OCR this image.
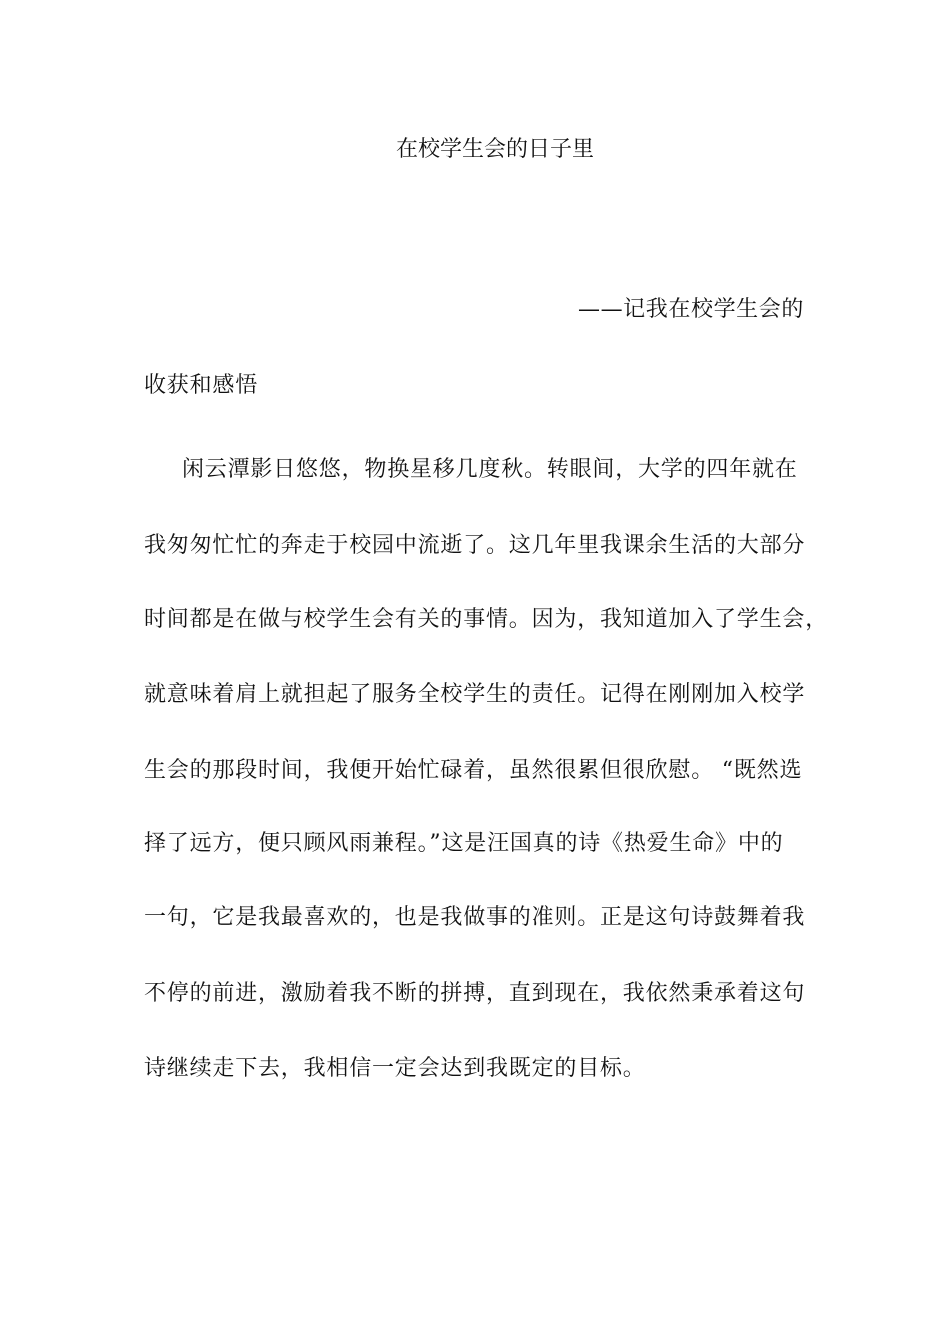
在校学生会的日子里
——记我在校学生会的
收获和感悟
闲云潭影日悠悠，物换星移几度秋。转眼间，大学的四年就在
我匆匆忙忙的奔走于校园中流逝了。这几年里我课余生活的大部分
时间都是在做与校学生会有关的事情。因为，我知道加入了学生会，
就意味着肩上就担起了服务全校学生的责任。记得在刚刚加入校学
生会的那段时间，我便开始忙碌着，虽然很累但很欣慰。 “既然选
择了远方，便只顾风雨兼程。”这是汪国真的诗《热爱生命》中的
一句，它是我最喜欢的，也是我做事的准则。正是这句诗鼓舞着我
不停的前进，激励着我不断的拼搏，直到现在，我依然秉承着这句
诗继续走下去，我相信一定会达到我既定的目标。
